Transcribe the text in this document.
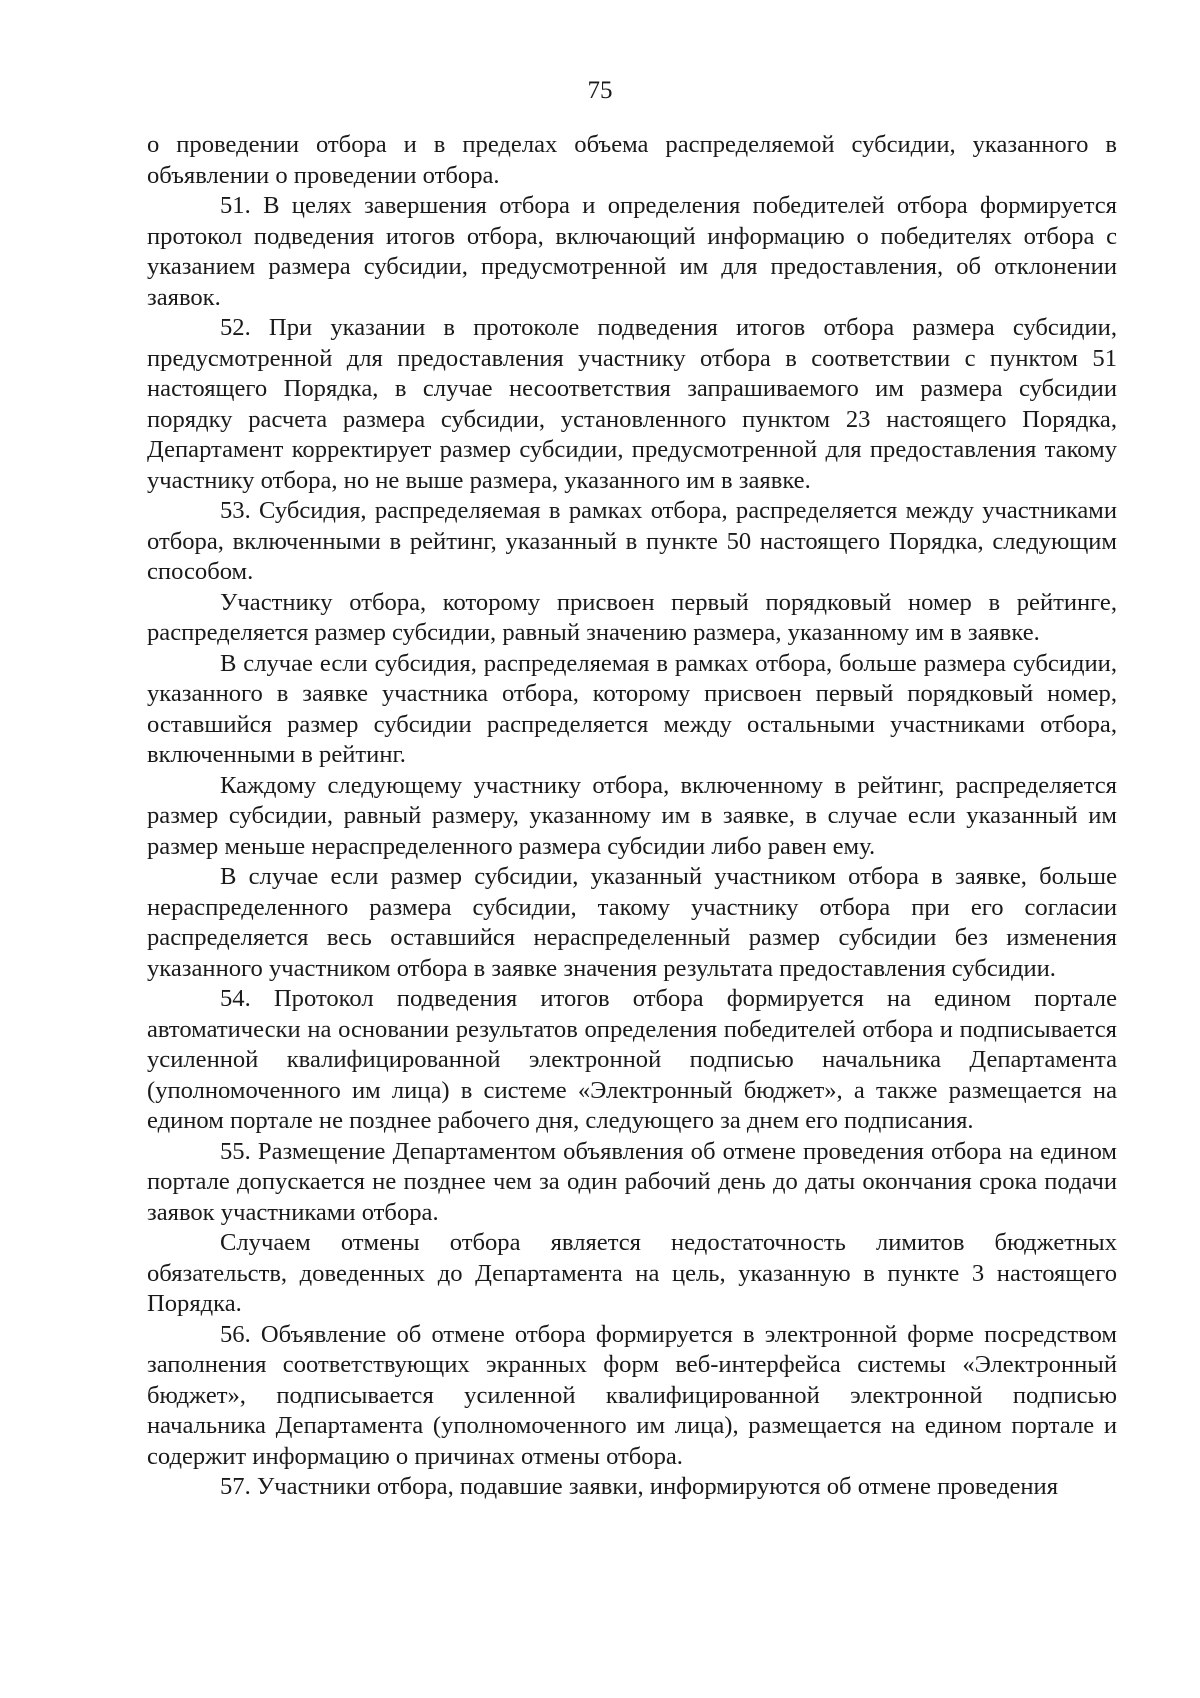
75

о проведении отбора и в пределах объема распределяемой субсидии, указанного в объявлении о проведении отбора.

51. В целях завершения отбора и определения победителей отбора формируется протокол подведения итогов отбора, включающий информацию о победителях отбора с указанием размера субсидии, предусмотренной им для предоставления, об отклонении заявок.

52. При указании в протоколе подведения итогов отбора размера субсидии, предусмотренной для предоставления участнику отбора в соответствии с пунктом 51 настоящего Порядка, в случае несоответствия запрашиваемого им размера субсидии порядку расчета размера субсидии, установленного пунктом 23 настоящего Порядка, Департамент корректирует размер субсидии, предусмотренной для предоставления такому участнику отбора, но не выше размера, указанного им в заявке.

53. Субсидия, распределяемая в рамках отбора, распределяется между участниками отбора, включенными в рейтинг, указанный в пункте 50 настоящего Порядка, следующим способом.

Участнику отбора, которому присвоен первый порядковый номер в рейтинге, распределяется размер субсидии, равный значению размера, указанному им в заявке.

В случае если субсидия, распределяемая в рамках отбора, больше размера субсидии, указанного в заявке участника отбора, которому присвоен первый порядковый номер, оставшийся размер субсидии распределяется между остальными участниками отбора, включенными в рейтинг.

Каждому следующему участнику отбора, включенному в рейтинг, распределяется размер субсидии, равный размеру, указанному им в заявке, в случае если указанный им размер меньше нераспределенного размера субсидии либо равен ему.

В случае если размер субсидии, указанный участником отбора в заявке, больше нераспределенного размера субсидии, такому участнику отбора при его согласии распределяется весь оставшийся нераспределенный размер субсидии без изменения указанного участником отбора в заявке значения результата предоставления субсидии.

54. Протокол подведения итогов отбора формируется на едином портале автоматически на основании результатов определения победителей отбора и подписывается усиленной квалифицированной электронной подписью начальника Департамента (уполномоченного им лица) в системе «Электронный бюджет», а также размещается на едином портале не позднее рабочего дня, следующего за днем его подписания.

55. Размещение Департаментом объявления об отмене проведения отбора на едином портале допускается не позднее чем за один рабочий день до даты окончания срока подачи заявок участниками отбора.

Случаем отмены отбора является недостаточность лимитов бюджетных обязательств, доведенных до Департамента на цель, указанную в пункте 3 настоящего Порядка.

56. Объявление об отмене отбора формируется в электронной форме посредством заполнения соответствующих экранных форм веб-интерфейса системы «Электронный бюджет», подписывается усиленной квалифицированной электронной подписью начальника Департамента (уполномоченного им лица), размещается на едином портале и содержит информацию о причинах отмены отбора.

57. Участники отбора, подавшие заявки, информируются об отмене проведения
